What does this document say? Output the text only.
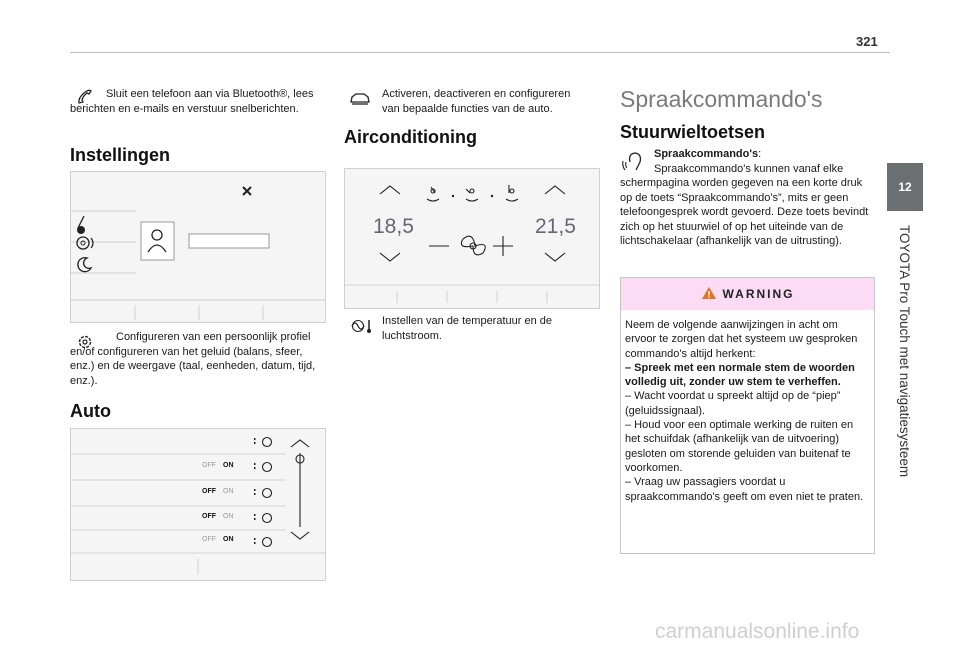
321
12
TOYOTA Pro Touch met navigatiesysteem

Sluit een telefoon aan via Bluetooth®, lees berichten en e-mails en verstuur snelberichten.

Instellingen

Configureren van een persoonlijk profiel en/of configureren van het geluid (balans, sfeer, enz.) en de weergave (taal, eenheden, datum, tijd, enz.).

Auto
OFF ON
OFF ON
OFF ON
OFF ON

Activeren, deactiveren en configureren van bepaalde functies van de auto.

Airconditioning
18,5	21,5

Instellen van de temperatuur en de luchtstroom.

Spraakcommando's
Stuurwieltoetsen

Spraakcommando's:
Spraakcommando's kunnen vanaf elke schermpagina worden gegeven na een korte druk op de toets “Spraakcommando's”, mits er geen telefoongesprek wordt gevoerd. Deze toets bevindt zich op het stuurwiel of op het uiteinde van de lichtschakelaar (afhankelijk van de uitrusting).

WARNING

Neem de volgende aanwijzingen in acht om ervoor te zorgen dat het systeem uw gesproken commando's altijd herkent:

– Spreek met een normale stem de woorden volledig uit, zonder uw stem te verheffen.

– Wacht voordat u spreekt altijd op de “piep” (geluidssignaal).

– Houd voor een optimale werking de ruiten en het schuifdak (afhankelijk van de uitvoering) gesloten om storende geluiden van buitenaf te voorkomen.

– Vraag uw passagiers voordat u spraakcommando's geeft om even niet te praten.

carmanualsonline.info
